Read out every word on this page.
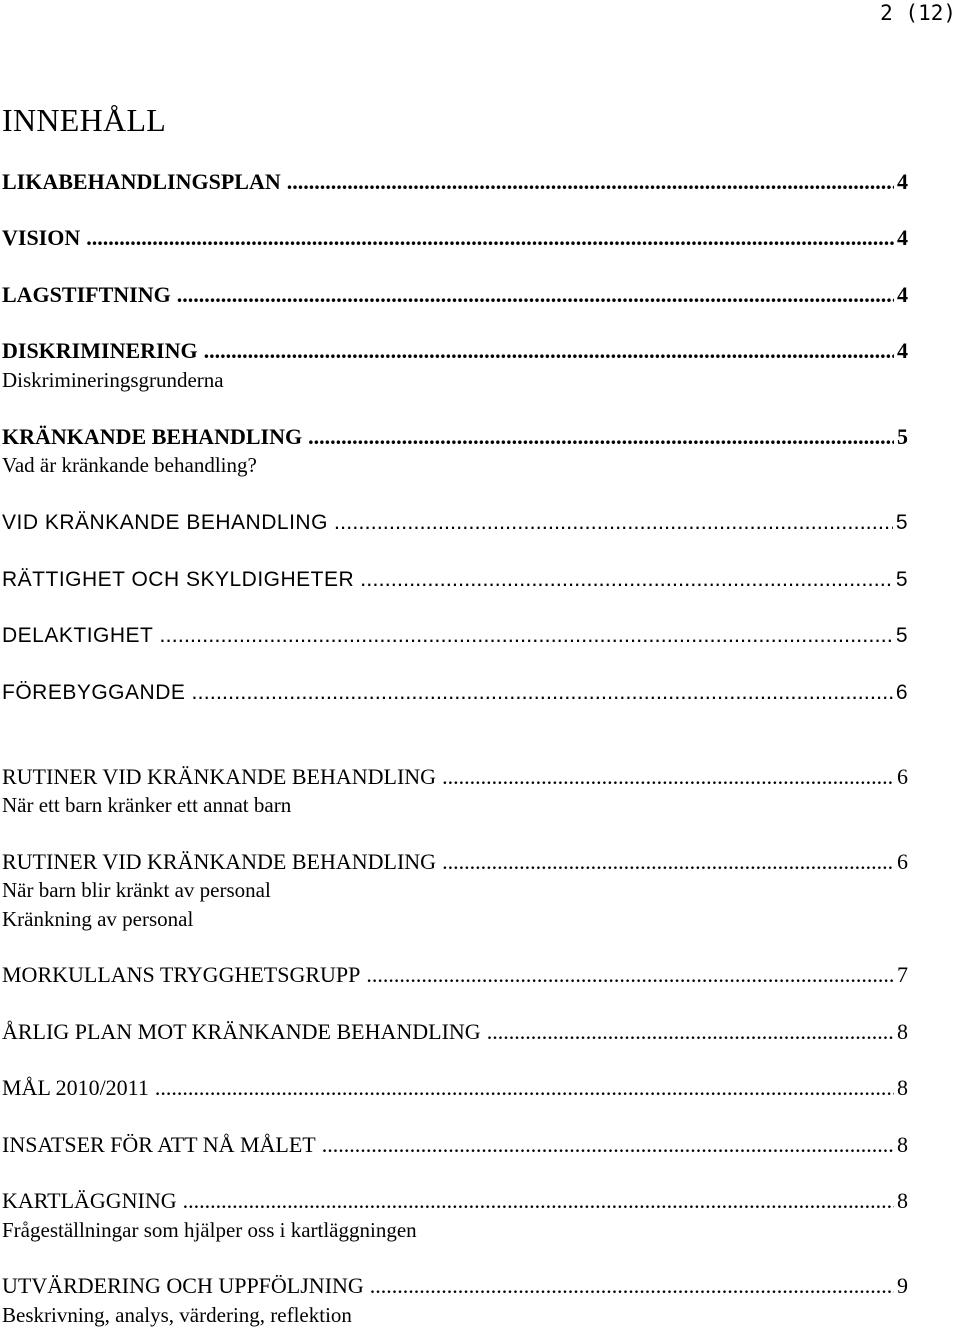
2 (12)
INNEHÅLL
LIKABEHANDLINGSPLAN .....	4
VISION .....	4
LAGSTIFTNING .....	4
DISKRIMINERING .....	4
Diskrimineringsgrunderna
KRÄNKANDE BEHANDLING .....	5
Vad är kränkande behandling?
VID KRÄNKANDE BEHANDLING .....	5
RÄTTIGHET OCH SKYLDIGHETER .....	5
DELAKTIGHET .....	5
FÖREBYGGANDE .....	6
RUTINER VID KRÄNKANDE BEHANDLING .....	6
När ett barn kränker ett annat barn
RUTINER VID KRÄNKANDE BEHANDLING .....	6
När barn blir kränkt av personal
Kränkning av personal
MORKULLANS TRYGGHETSGRUPP .....	7
ÅRLIG PLAN MOT KRÄNKANDE BEHANDLING .....	8
MÅL 2010/2011 .....	8
INSATSER FÖR ATT NÅ MÅLET .....	8
KARTLÄGGNING .....	8
Frågeställningar som hjälper oss i kartläggningen
UTVÄRDERING OCH UPPFÖLJNING .....	9
Beskrivning, analys, värdering, reflektion
